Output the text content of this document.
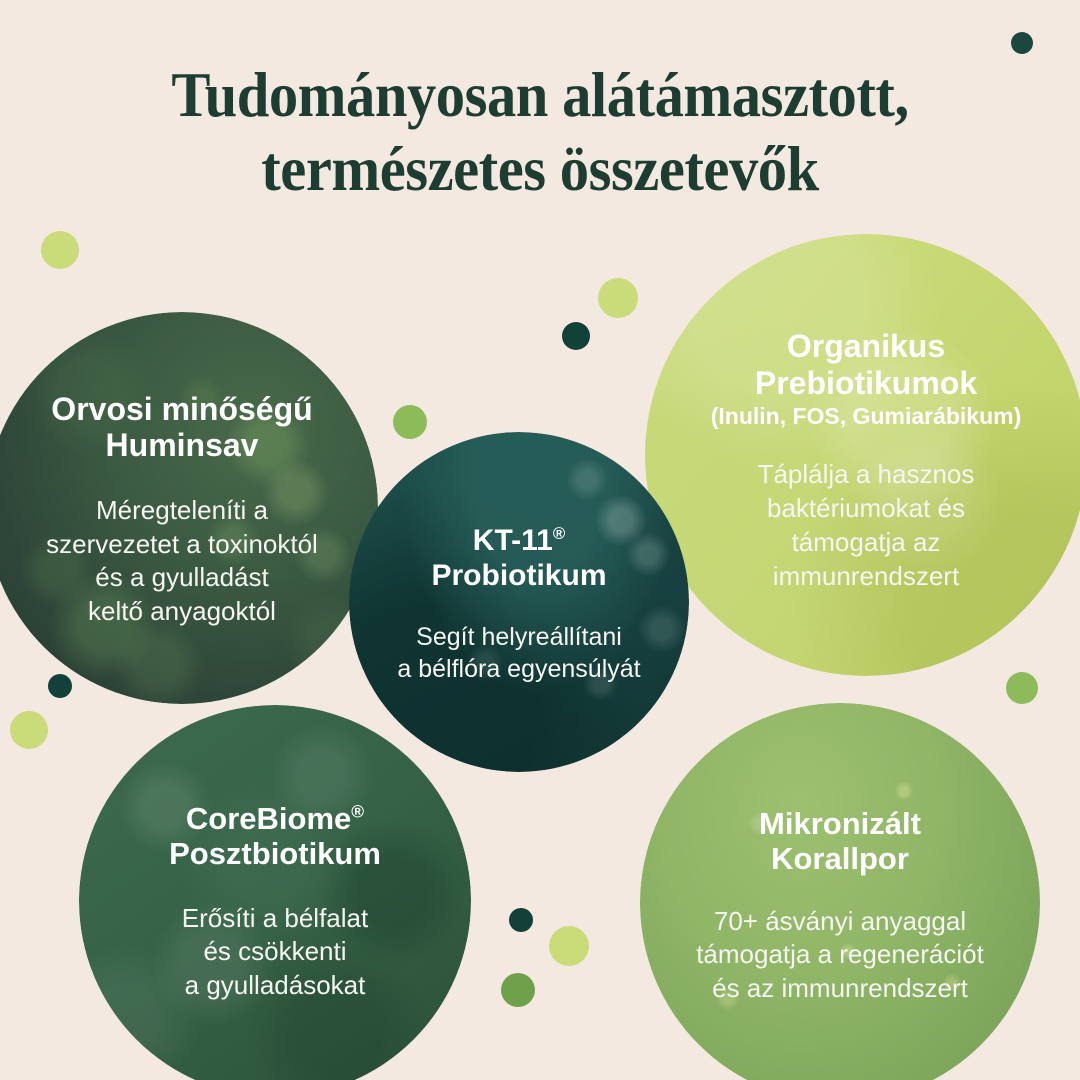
Tudományosan alátámasztott,
természetes összetevők

Organikus
Prebiotikumok

(Inulin, FOS, Gumiarábikum)

Táplálja a hasznos
baktériumokat és
támogatja az
immunrendszert

Orvosi minőségű
Huminsav

Méregteleníti a
szervezetet a toxinoktól
és a gyulladást
keltő anyagoktól

CoreBiome®
Posztbiotikum

Erősíti a bélfalat
és csökkenti
a gyulladásokat

Mikronizált
Korallpor

70+ ásványi anyaggal
támogatja a regenerációt
és az immunrendszert

KT-11®
Probiotikum

Segít helyreállítani
a bélflóra egyensúlyát
